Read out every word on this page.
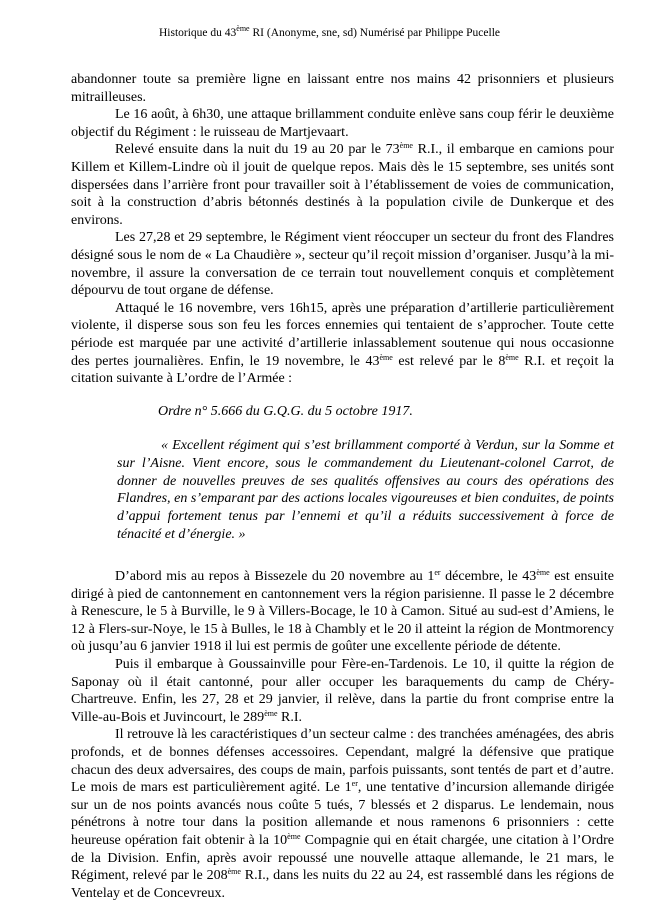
Historique du 43ème RI (Anonyme, sne, sd) Numérisé par Philippe Pucelle

abandonner toute sa première ligne en laissant entre nos mains 42 prisonniers et plusieurs mitrailleuses.

Le 16 août, à 6h30, une attaque brillamment conduite enlève sans coup férir le deuxième objectif du Régiment : le ruisseau de Martjevaart.

Relevé ensuite dans la nuit du 19 au 20 par le 73ème R.I., il embarque en camions pour Killem et Killem-Lindre où il jouit de quelque repos. Mais dès le 15 septembre, ses unités sont dispersées dans l’arrière front pour travailler soit à l’établissement de voies de communication, soit à la construction d’abris bétonnés destinés à la population civile de Dunkerque et des environs.

Les 27,28 et 29 septembre, le Régiment vient réoccuper un secteur du front des Flandres désigné sous le nom de « La Chaudière », secteur qu’il reçoit mission d’organiser. Jusqu’à la mi-novembre, il assure la conversation de ce terrain tout nouvellement conquis et complètement dépourvu de tout organe de défense.

Attaqué le 16 novembre, vers 16h15, après une préparation d’artillerie particulièrement violente, il disperse sous son feu les forces ennemies qui tentaient de s’approcher. Toute cette période est marquée par une activité d’artillerie inlassablement soutenue qui nous occasionne des pertes journalières. Enfin, le 19 novembre, le 43ème est relevé par le 8ème R.I. et reçoit la citation suivante à L’ordre de l’Armée :

Ordre n° 5.666 du G.Q.G. du 5 octobre 1917.
« Excellent régiment qui s’est brillamment comporté à Verdun, sur la Somme et sur l’Aisne. Vient encore, sous le commandement du Lieutenant-colonel Carrot, de donner de nouvelles preuves de ses qualités offensives au cours des opérations des Flandres, en s’emparant par des actions locales vigoureuses et bien conduites, de points d’appui fortement tenus par l’ennemi et qu’il a réduits successivement à force de ténacité et d’énergie. »

D’abord mis au repos à Bissezele du 20 novembre au 1er décembre, le 43ème est ensuite dirigé à pied de cantonnement en cantonnement vers la région parisienne. Il passe le 2 décembre à Renescure, le 5 à Burville, le 9 à Villers-Bocage, le 10 à Camon. Situé au sud-est d’Amiens, le 12 à Flers-sur-Noye, le 15 à Bulles, le 18 à Chambly et le 20 il atteint la région de Montmorency où jusqu’au 6 janvier 1918 il lui est permis de goûter une excellente période de détente.

Puis il embarque à Goussainville pour Fère-en-Tardenois. Le 10, il quitte la région de Saponay où il était cantonné, pour aller occuper les baraquements du camp de Chéry-Chartreuve. Enfin, les 27, 28 et 29 janvier, il relève, dans la partie du front comprise entre la Ville-au-Bois et Juvincourt, le 289ème R.I.

Il retrouve là les caractéristiques d’un secteur calme : des tranchées aménagées, des abris profonds, et de bonnes défenses accessoires. Cependant, malgré la défensive que pratique chacun des deux adversaires, des coups de main, parfois puissants, sont tentés de part et d’autre. Le mois de mars est particulièrement agité. Le 1er, une tentative d’incursion allemande dirigée sur un de nos points avancés nous coûte 5 tués, 7 blessés et 2 disparus. Le lendemain, nous pénétrons à notre tour dans la position allemande et nous ramenons 6 prisonniers : cette heureuse opération fait obtenir à la 10ème Compagnie qui en était chargée, une citation à l’Ordre de la Division. Enfin, après avoir repoussé une nouvelle attaque allemande, le 21 mars, le Régiment, relevé par le 208ème R.I., dans les nuits du 22 au 24, est rassemblé dans les régions de Ventelay et de Concevreux.
